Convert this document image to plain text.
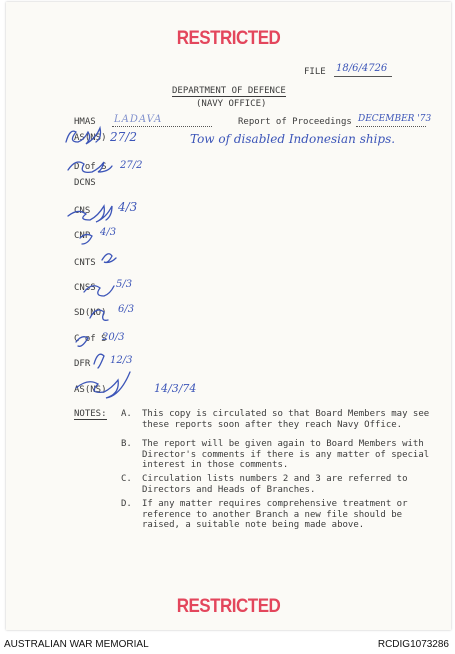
RESTRICTED
FILE 18/6/4726
DEPARTMENT OF DEFENCE
(NAVY OFFICE)
HMAS LADAVA	Report of Proceedings DECEMBER '73
Tow of disabled Indonesian ships.
AS(NS)
D of S
DCNS
CNS
CNP
CNTS
CNSS
SD(NO)
C of S
DFR
AS(NS)
27/2
27/2
4/3
4/3
5/3
6/3
20/3
12/3
14/3/74
NOTES: A. This copy is circulated so that Board Members may see these reports soon after they reach Navy Office.
B. The report will be given again to Board Members with Director's comments if there is any matter of special interest in those comments.
C. Circulation lists numbers 2 and 3 are referred to Directors and Heads of Branches.
D. If any matter requires comprehensive treatment or reference to another Branch a new file should be raised, a suitable note being made above.
RESTRICTED
AUSTRALIAN WAR MEMORIAL	RCDIG1073286
